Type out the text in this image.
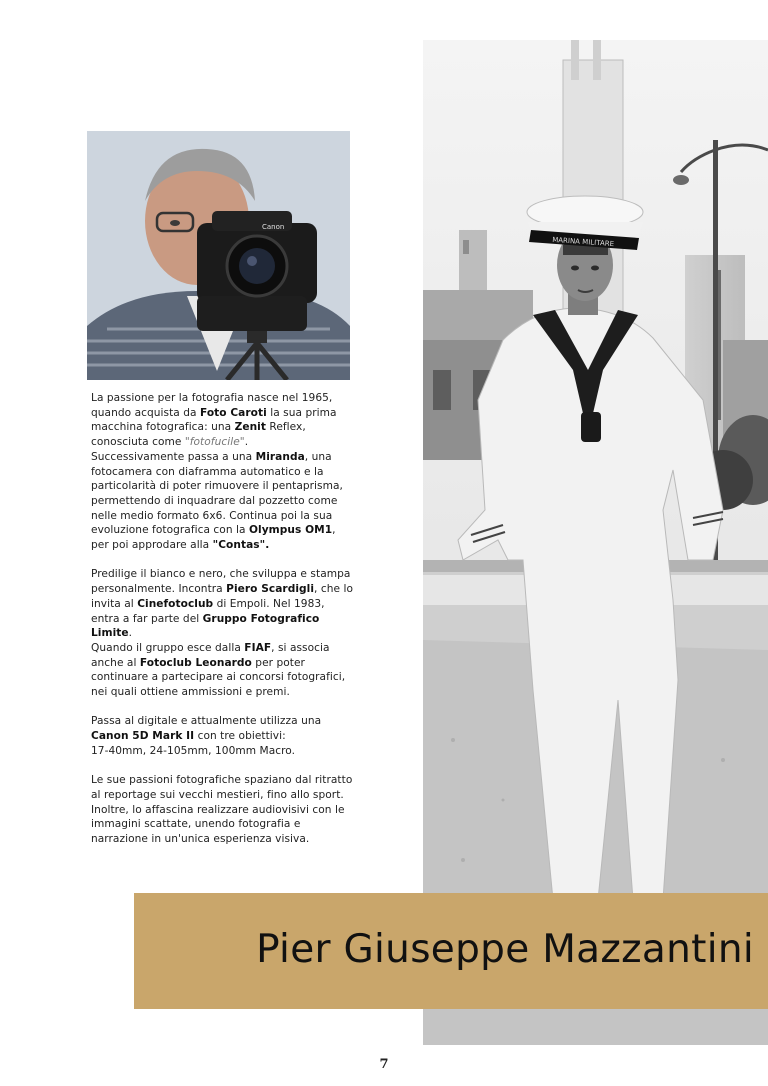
MARINA MILITARE
Canon

La passione per la fotografia nasce nel 1965, quando acquista da Foto Caroti la sua prima macchina fotografica: una Zenit Reflex, conosciuta come "fotofucile".
Successivamente passa a una Miranda, una fotocamera con diaframma automatico e la particolarità di poter rimuovere il pentaprisma, permettendo di inquadrare dal pozzetto come nelle medio formato 6x6. Continua poi la sua evoluzione fotografica con la Olympus OM1, per poi approdare alla "Contas".

Predilige il bianco e nero, che sviluppa e stampa personalmente. Incontra Piero Scardigli, che lo invita al Cinefotoclub di Empoli. Nel 1983, entra a far parte del Gruppo Fotografico Limite.
Quando il gruppo esce dalla FIAF, si associa anche al Fotoclub Leonardo per poter continuare a partecipare ai concorsi fotografici, nei quali ottiene ammissioni e premi.

Passa al digitale e attualmente utilizza una Canon 5D Mark II con tre obiettivi:
17-40mm, 24-105mm, 100mm Macro.

Le sue passioni fotografiche spaziano dal ritratto al reportage sui vecchi mestieri, fino allo sport. Inoltre, lo affascina realizzare audiovisivi con le immagini scattate, unendo fotografia e narrazione in un'unica esperienza visiva.

Pier Giuseppe Mazzantini
7
